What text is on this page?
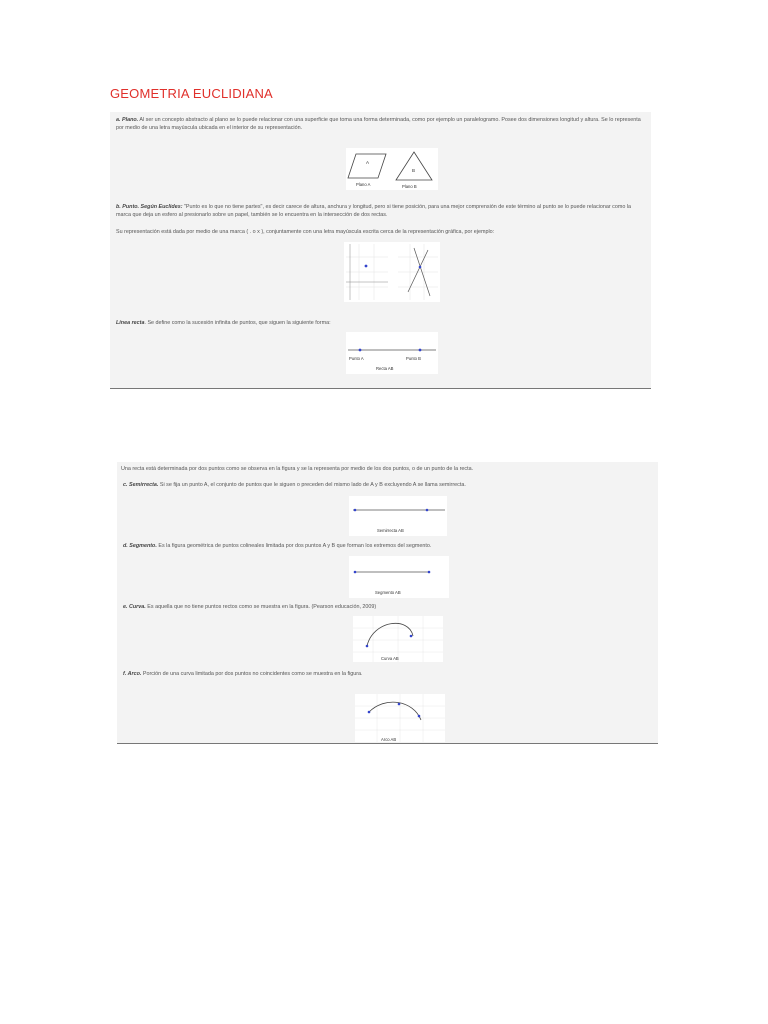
GEOMETRIA EUCLIDIANA
a. Plano. Al ser un concepto abstracto al plano se lo puede relacionar con una superficie que toma una forma determinada, como por ejemplo un paralelogramo. Posee dos dimensiones longitud y altura. Se lo representa por medio de una letra mayúscula ubicada en el interior de su representación.
A
B
Plano A	Plano B
b. Punto. Según Euclides: "Punto es lo que no tiene partes", es decir carece de altura, anchura y longitud, pero si tiene posición, para una mejor comprensión de este término al punto se lo puede relacionar como la marca que deja un esfero al presionarlo sobre un papel, también se lo encuentra en la intersección de dos rectas.
Su representación está dada por medio de una marca ( . o x ), conjuntamente con una letra mayúscula escrita cerca de la representación gráfica, por ejemplo:
Línea recta. Se define como la sucesión infinita de puntos, que siguen la siguiente forma:
Punto A	Punto B
Recta AB
Una recta está determinada por dos puntos como se observa en la figura y se la representa por medio de los dos puntos, o de un punto de la recta.
c. Semirrecta. Si se fija un punto A, el conjunto de puntos que le siguen o preceden del mismo lado de A y B excluyendo A se llama semirrecta.
Semirrecta AB
d. Segmento. Es la figura geométrica de puntos colineales limitada por dos puntos A y B que forman los extremos del segmento.
Segmento AB
e. Curva. Es aquella que no tiene puntos rectos como se muestra en la figura. (Pearson educación, 2009)
Curva AB
f. Arco. Porción de una curva limitada por dos puntos no coincidentes como se muestra en la figura.
Arco AB
